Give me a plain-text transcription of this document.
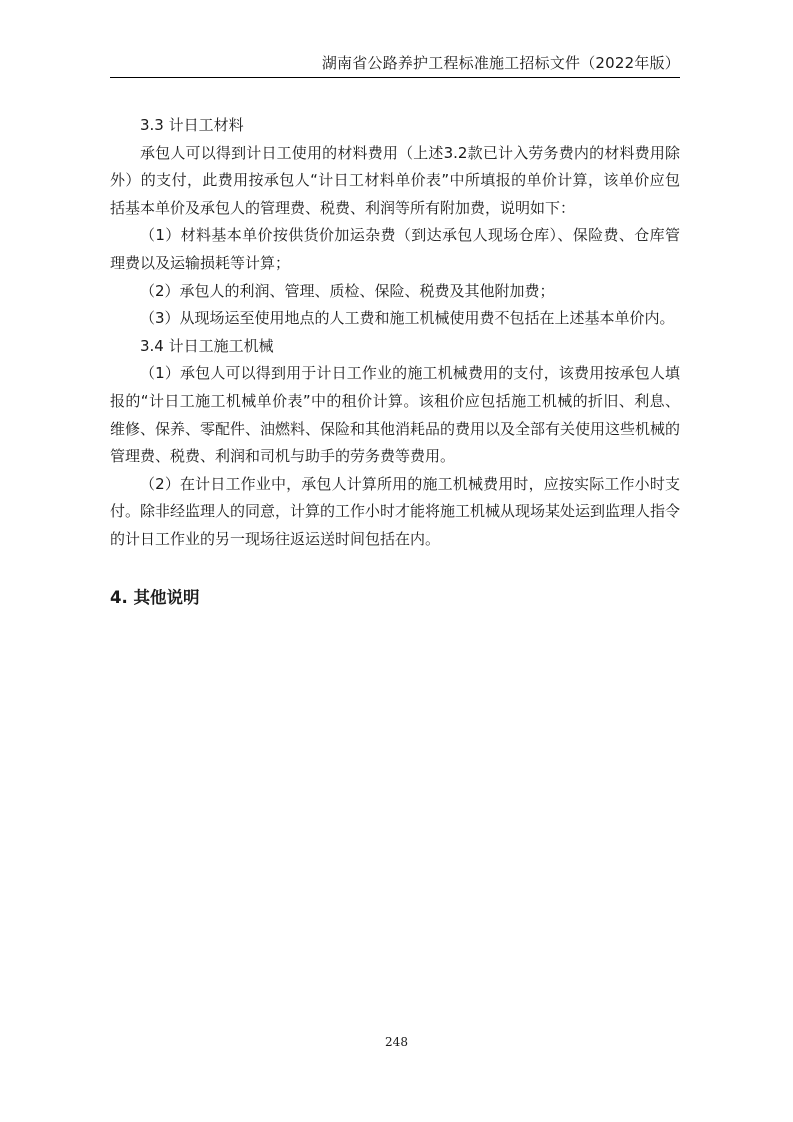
湖南省公路养护工程标准施工招标文件（2022年版）

3.3 计日工材料

承包人可以得到计日工使用的材料费用（上述3.2款已计入劳务费内的材料费用除外）的支付，此费用按承包人“计日工材料单价表”中所填报的单价计算，该单价应包括基本单价及承包人的管理费、税费、利润等所有附加费，说明如下：

（1）材料基本单价按供货价加运杂费（到达承包人现场仓库）、保险费、仓库管理费以及运输损耗等计算；

（2）承包人的利润、管理、质检、保险、税费及其他附加费；

（3）从现场运至使用地点的人工费和施工机械使用费不包括在上述基本单价内。

3.4 计日工施工机械

（1）承包人可以得到用于计日工作业的施工机械费用的支付，该费用按承包人填报的“计日工施工机械单价表”中的租价计算。该租价应包括施工机械的折旧、利息、维修、保养、零配件、油燃料、保险和其他消耗品的费用以及全部有关使用这些机械的管理费、税费、利润和司机与助手的劳务费等费用。

（2）在计日工作业中，承包人计算所用的施工机械费用时，应按实际工作小时支付。除非经监理人的同意，计算的工作小时才能将施工机械从现场某处运到监理人指令的计日工作业的另一现场往返运送时间包括在内。

4. 其他说明
248
